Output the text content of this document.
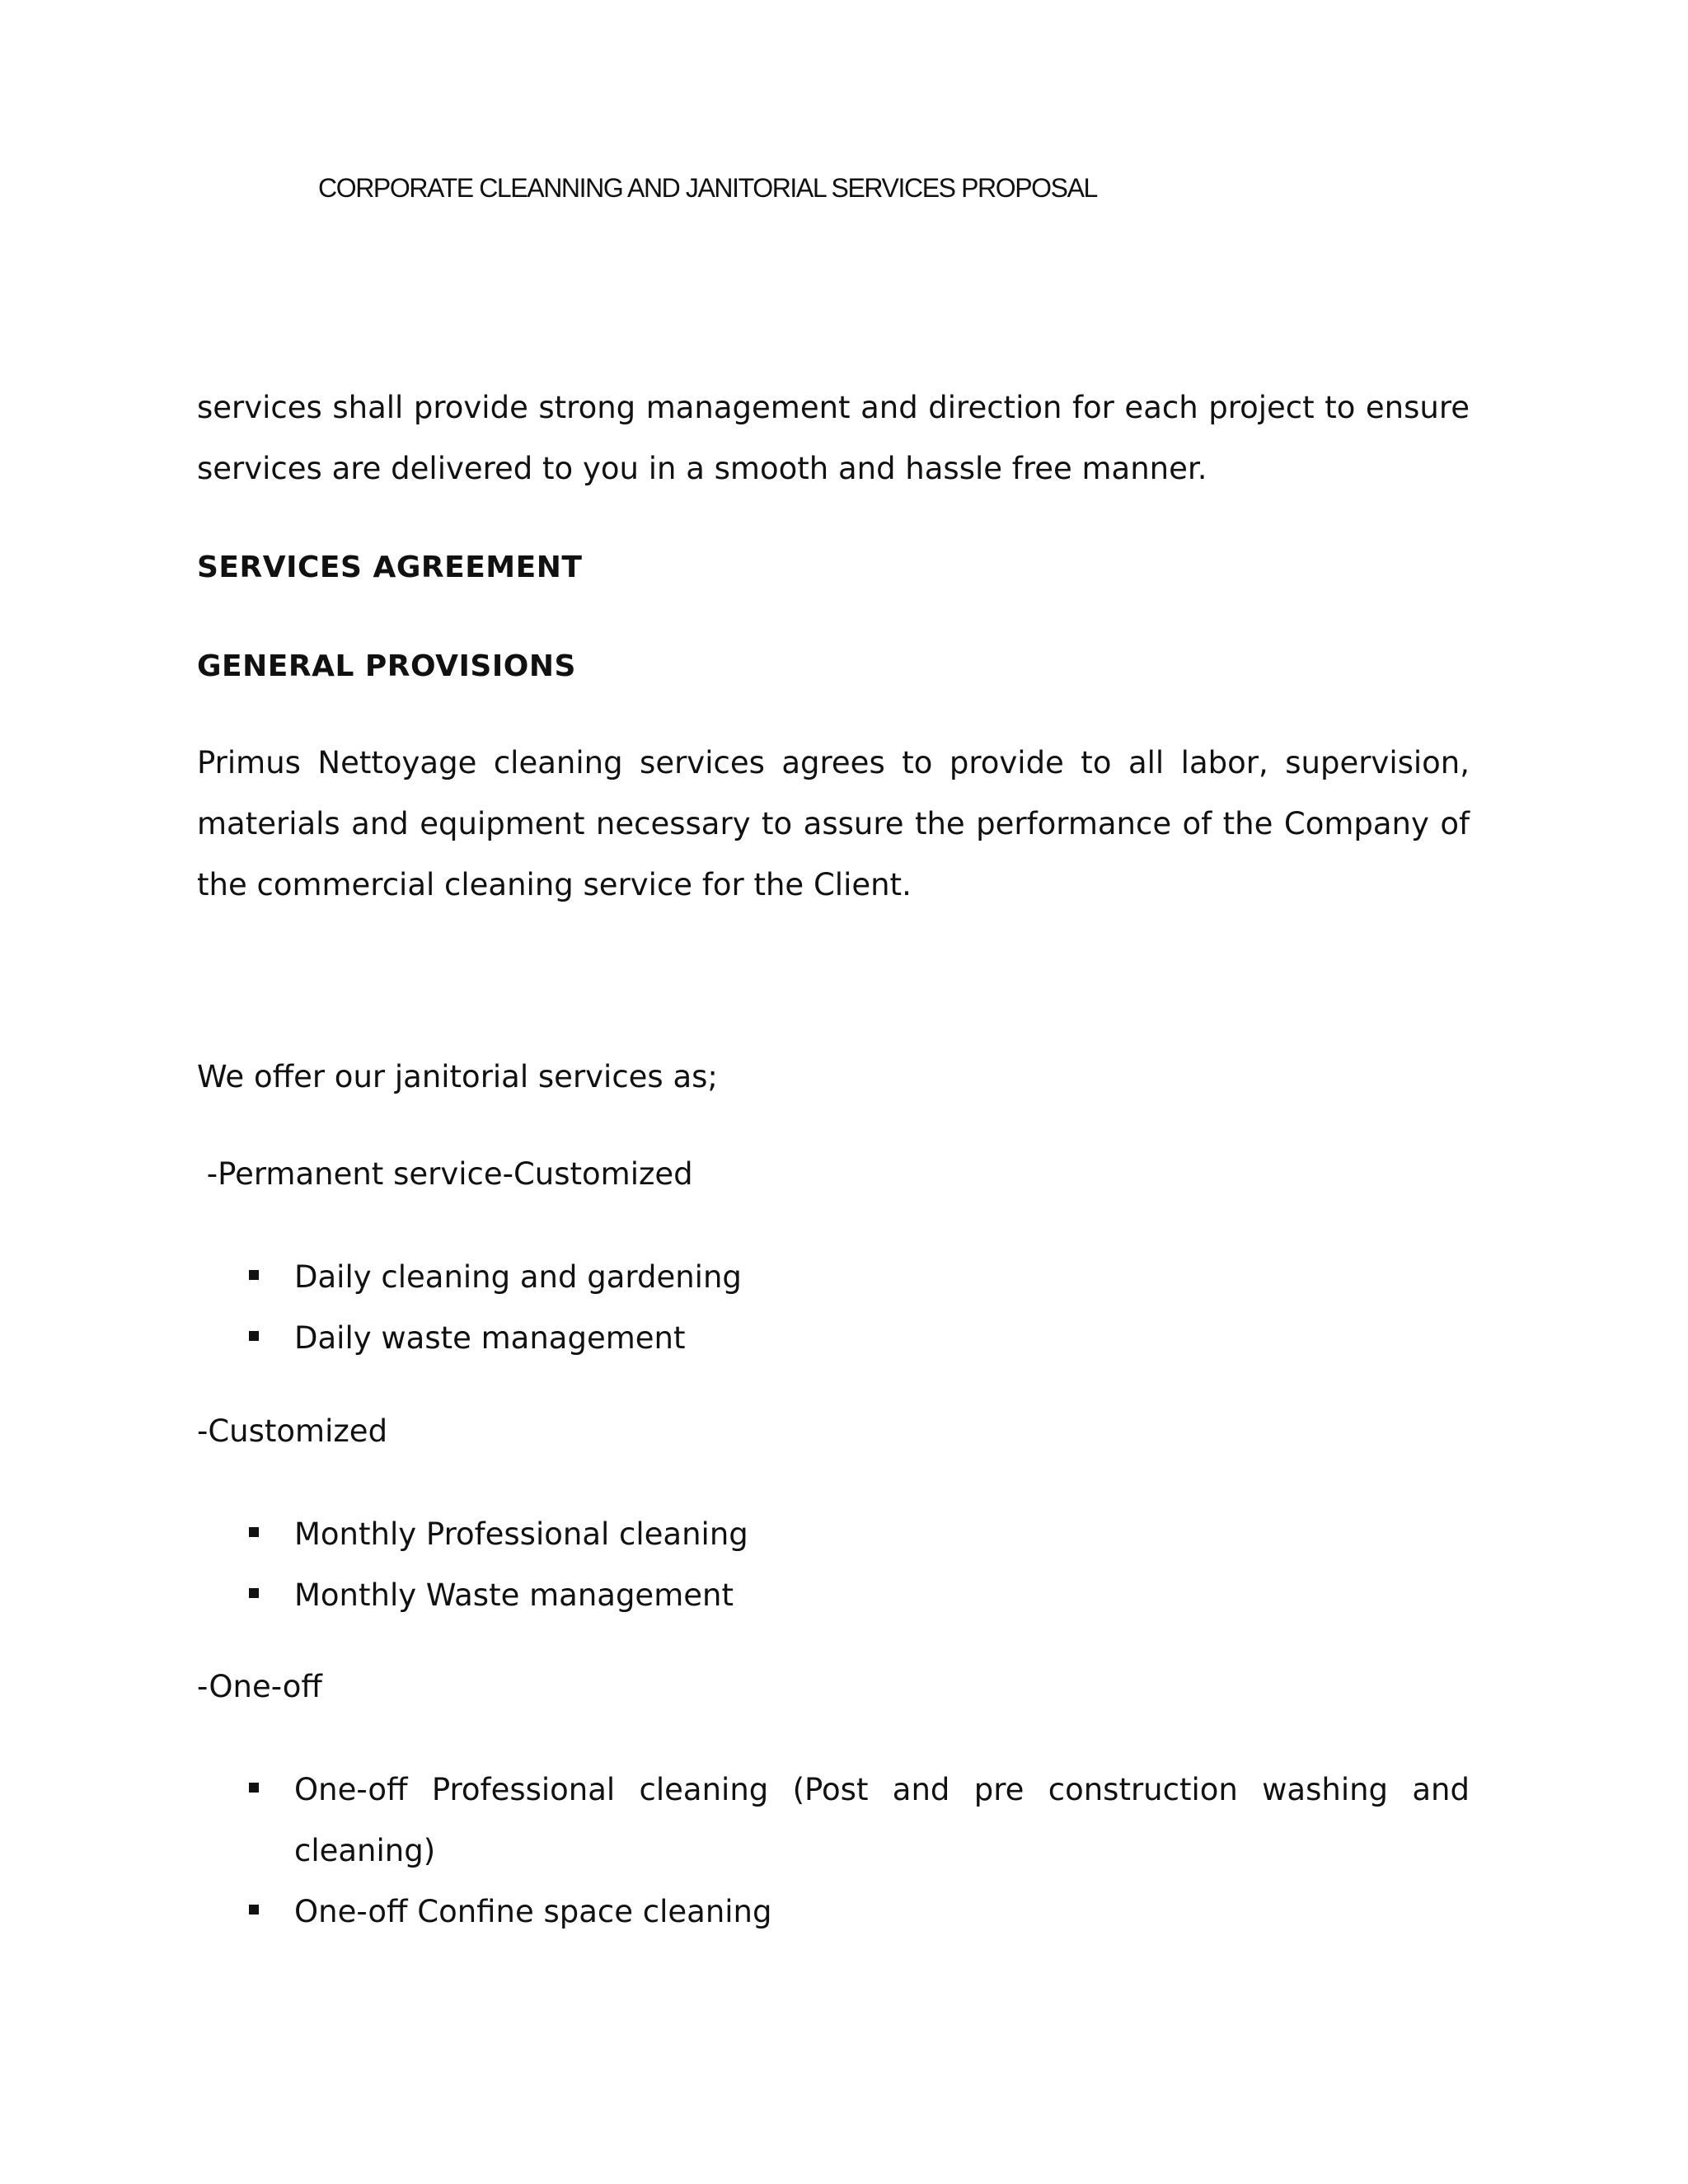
CORPORATE CLEANNING AND JANITORIAL SERVICES PROPOSAL
services shall provide strong management and direction for each project to ensure services are delivered to you in a smooth and hassle free manner.
SERVICES AGREEMENT
GENERAL PROVISIONS
Primus Nettoyage cleaning services agrees to provide to all labor, supervision, materials and equipment necessary to assure the performance of the Company of the commercial cleaning service for the Client.
We offer our janitorial services as;
-Permanent service-Customized
Daily cleaning and gardening
Daily waste management
-Customized
Monthly Professional cleaning
Monthly Waste management
-One-off
One-off Professional cleaning (Post and pre construction washing and cleaning)
One-off Confine space cleaning
